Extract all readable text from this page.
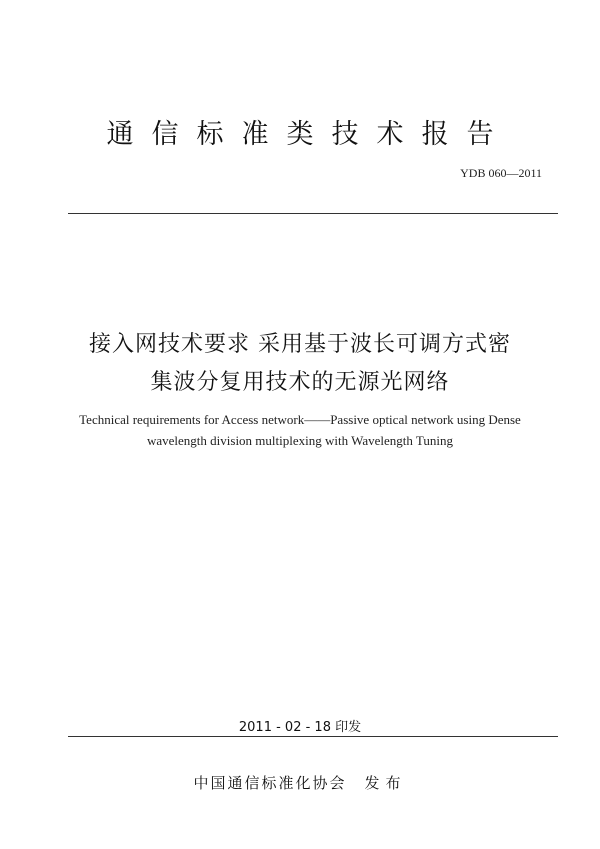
通信标准类技术报告
YDB 060—2011
接入网技术要求 采用基于波长可调方式密
集波分复用技术的无源光网络
Technical requirements for Access network——Passive optical network using Dense
wavelength division multiplexing with Wavelength Tuning
2011 - 02 - 18 印发
中国通信标准化协会 发布
